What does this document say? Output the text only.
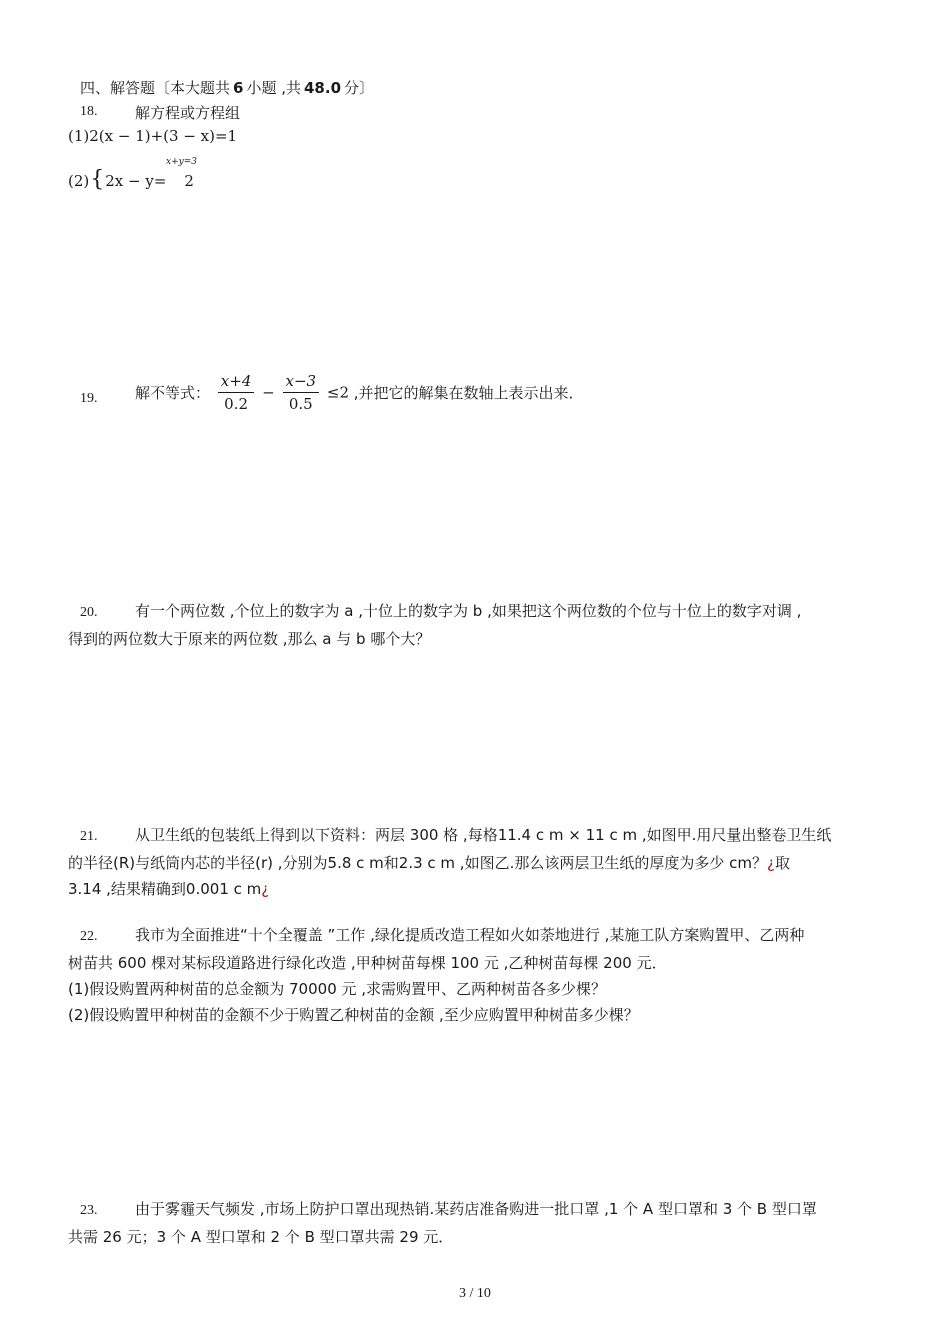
四、解答题〔本大题共 6 小题 ,共 48.0 分〕
18.	解方程或方程组
(1)2(x − 1)+(3 − x)=1
x+y=3
(2){2x − y= 2
19.	解不等式： $\frac{x+4}{0.2} - \frac{x-3}{0.5} \le 2$ ,并把它的解集在数轴上表示出来．
20.	有一个两位数 ,个位上的数字为 a ,十位上的数字为 b ,如果把这个两位数的个位与十位上的数字对调 ,
得到的两位数大于原来的两位数 ,那么 a 与 b 哪个大？
21.	从卫生纸的包装纸上得到以下资料：两层 300 格 ,每格11.4 c m × 11 c m ,如图甲.用尺量出整卷卫生纸
的半径(R)与纸筒内芯的半径(r) ,分别为5.8 c m和2.3 c m ,如图乙.那么该两层卫生纸的厚度为多少 cm？¿取
3.14 ,结果精确到0.001 c m¿
22.	我市为全面推进“十个全覆盖 ”工作 ,绿化提质改造工程如火如荼地进行 ,某施工队方案购置甲、乙两种
树苗共 600 棵对某标段道路进行绿化改造 ,甲种树苗每棵 100 元 ,乙种树苗每棵 200 元．
(1)假设购置两种树苗的总金额为 70000 元 ,求需购置甲、乙两种树苗各多少棵？
(2)假设购置甲种树苗的金额不少于购置乙种树苗的金额 ,至少应购置甲种树苗多少棵？
23.	由于雾霾天气频发 ,市场上防护口罩出现热销.某药店准备购进一批口罩 ,1 个 A 型口罩和 3 个 B 型口罩
共需 26 元；3 个 A 型口罩和 2 个 B 型口罩共需 29 元．
3 / 10
